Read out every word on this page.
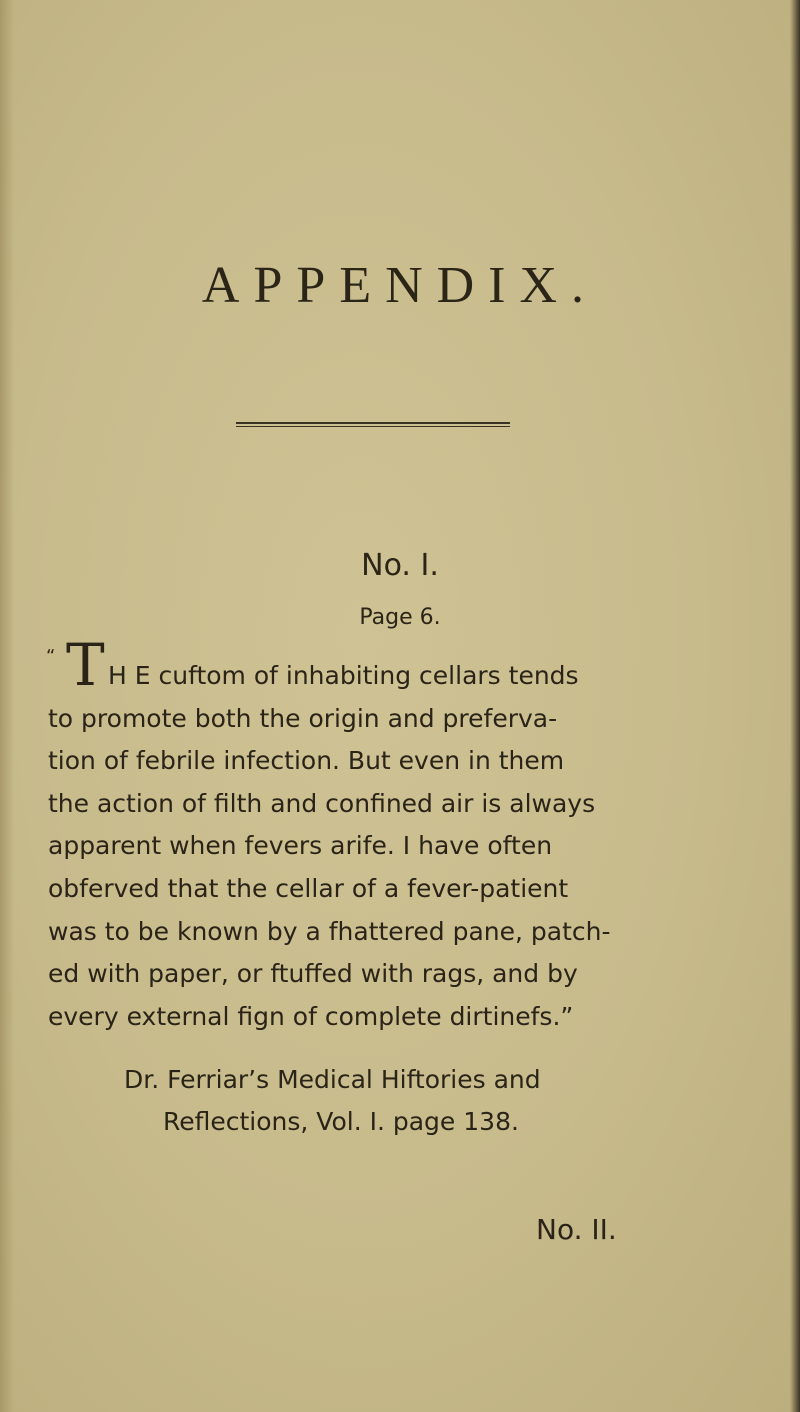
APPENDIX.
No. I.
Page 6.
“ T H E cuftom of inhabiting cellars tends
to promote both the origin and preferva-
tion of febrile infection. But even in them
the action of filth and confined air is always
apparent when fevers arife. I have often
obferved that the cellar of a fever-patient
was to be known by a fhattered pane, patch-
ed with paper, or ftuffed with rags, and by
every external fign of complete dirtinefs.”
Dr. Ferriar’s Medical Hiftories and
Reflections, Vol. I. page 138.
No. II.
